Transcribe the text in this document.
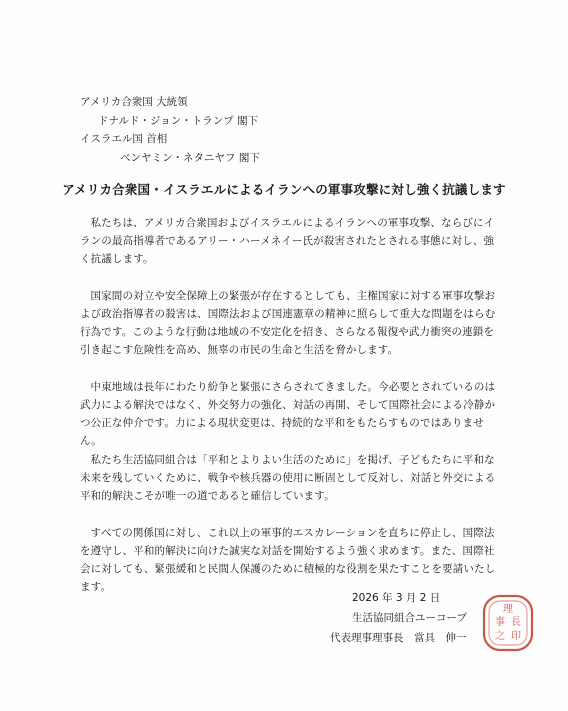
アメリカ合衆国 大統領
ドナルド・ジョン・トランプ 閣下
イスラエル国 首相
ベンヤミン・ネタニヤフ 閣下
アメリカ合衆国・イスラエルによるイランへの軍事攻撃に対し強く抗議します

私たちは、アメリカ合衆国およびイスラエルによるイランへの軍事攻撃、ならびにイランの最高指導者であるアリー・ハーメネイー氏が殺害されたとされる事態に対し、強く抗議します。

国家間の対立や安全保障上の緊張が存在するとしても、主権国家に対する軍事攻撃および政治指導者の殺害は、国際法および国連憲章の精神に照らして重大な問題をはらむ行為です。このような行動は地域の不安定化を招き、さらなる報復や武力衝突の連鎖を引き起こす危険性を高め、無辜の市民の生命と生活を脅かします。

中東地域は長年にわたり紛争と緊張にさらされてきました。今必要とされているのは武力による解決ではなく、外交努力の強化、対話の再開、そして国際社会による冷静かつ公正な仲介です。力による現状変更は、持続的な平和をもたらすものではありません。

私たち生活協同組合は「平和とよりよい生活のために」を掲げ、子どもたちに平和な未来を残していくために、戦争や核兵器の使用に断固として反対し、対話と外交による平和的解決こそが唯一の道であると確信しています。

すべての関係国に対し、これ以上の軍事的エスカレーションを直ちに停止し、国際法を遵守し、平和的解決に向けた誠実な対話を開始するよう強く求めます。また、国際社会に対しても、緊張緩和と民間人保護のために積極的な役割を果たすことを要請いたします。

2026 年 3 月 2 日
生活協同組合ユーコープ
代表理事理事長　當具　伸一
理
事 長
之 印
